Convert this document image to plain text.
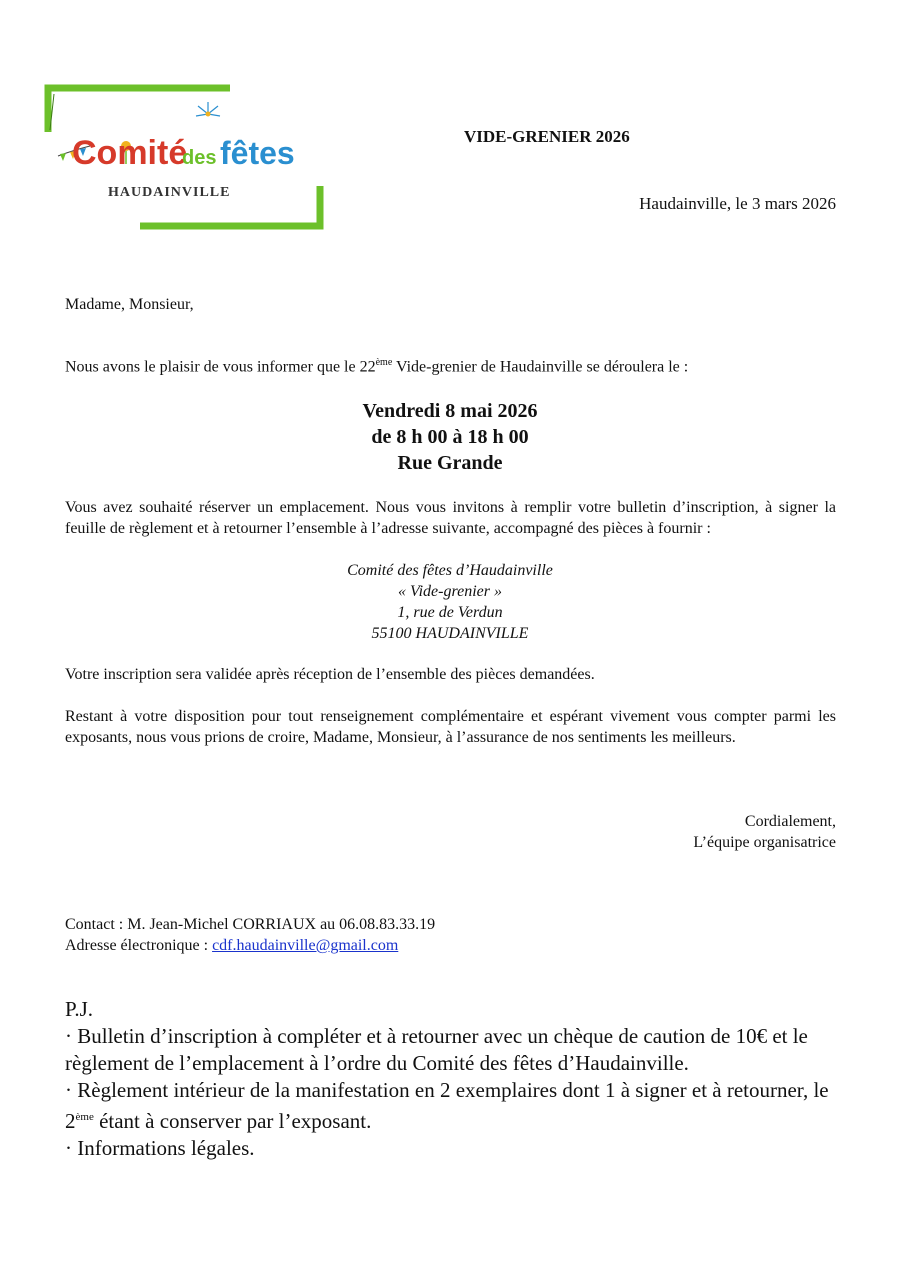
Comité
des fêtes
HAUDAINVILLE
VIDE-GRENIER 2026
Haudainville, le 3 mars 2026
Madame, Monsieur,
Nous avons le plaisir de vous informer que le 22ème Vide-grenier de Haudainville se déroulera le :
Vendredi 8 mai 2026
de 8 h 00 à 18 h 00
Rue Grande
Vous avez souhaité réserver un emplacement. Nous vous invitons à remplir votre bulletin d’inscription, à signer la feuille de règlement et à retourner l’ensemble à l’adresse suivante, accompagné des pièces à fournir :
Comité des fêtes d’Haudainville
« Vide-grenier »
1, rue de Verdun
55100 HAUDAINVILLE
Votre inscription sera validée après réception de l’ensemble des pièces demandées.
Restant à votre disposition pour tout renseignement complémentaire et espérant vivement vous compter parmi les exposants, nous vous prions de croire, Madame, Monsieur, à l’assurance de nos sentiments les meilleurs.
Cordialement,
L’équipe organisatrice
Contact : M. Jean-Michel CORRIAUX au 06.08.83.33.19
Adresse électronique : cdf.haudainville@gmail.com
P.J.
· Bulletin d’inscription à compléter et à retourner avec un chèque de caution de 10€ et le règlement de l’emplacement à l’ordre du Comité des fêtes d’Haudainville.
· Règlement intérieur de la manifestation en 2 exemplaires dont 1 à signer et à retourner, le 2ème étant à conserver par l’exposant.
· Informations légales.
